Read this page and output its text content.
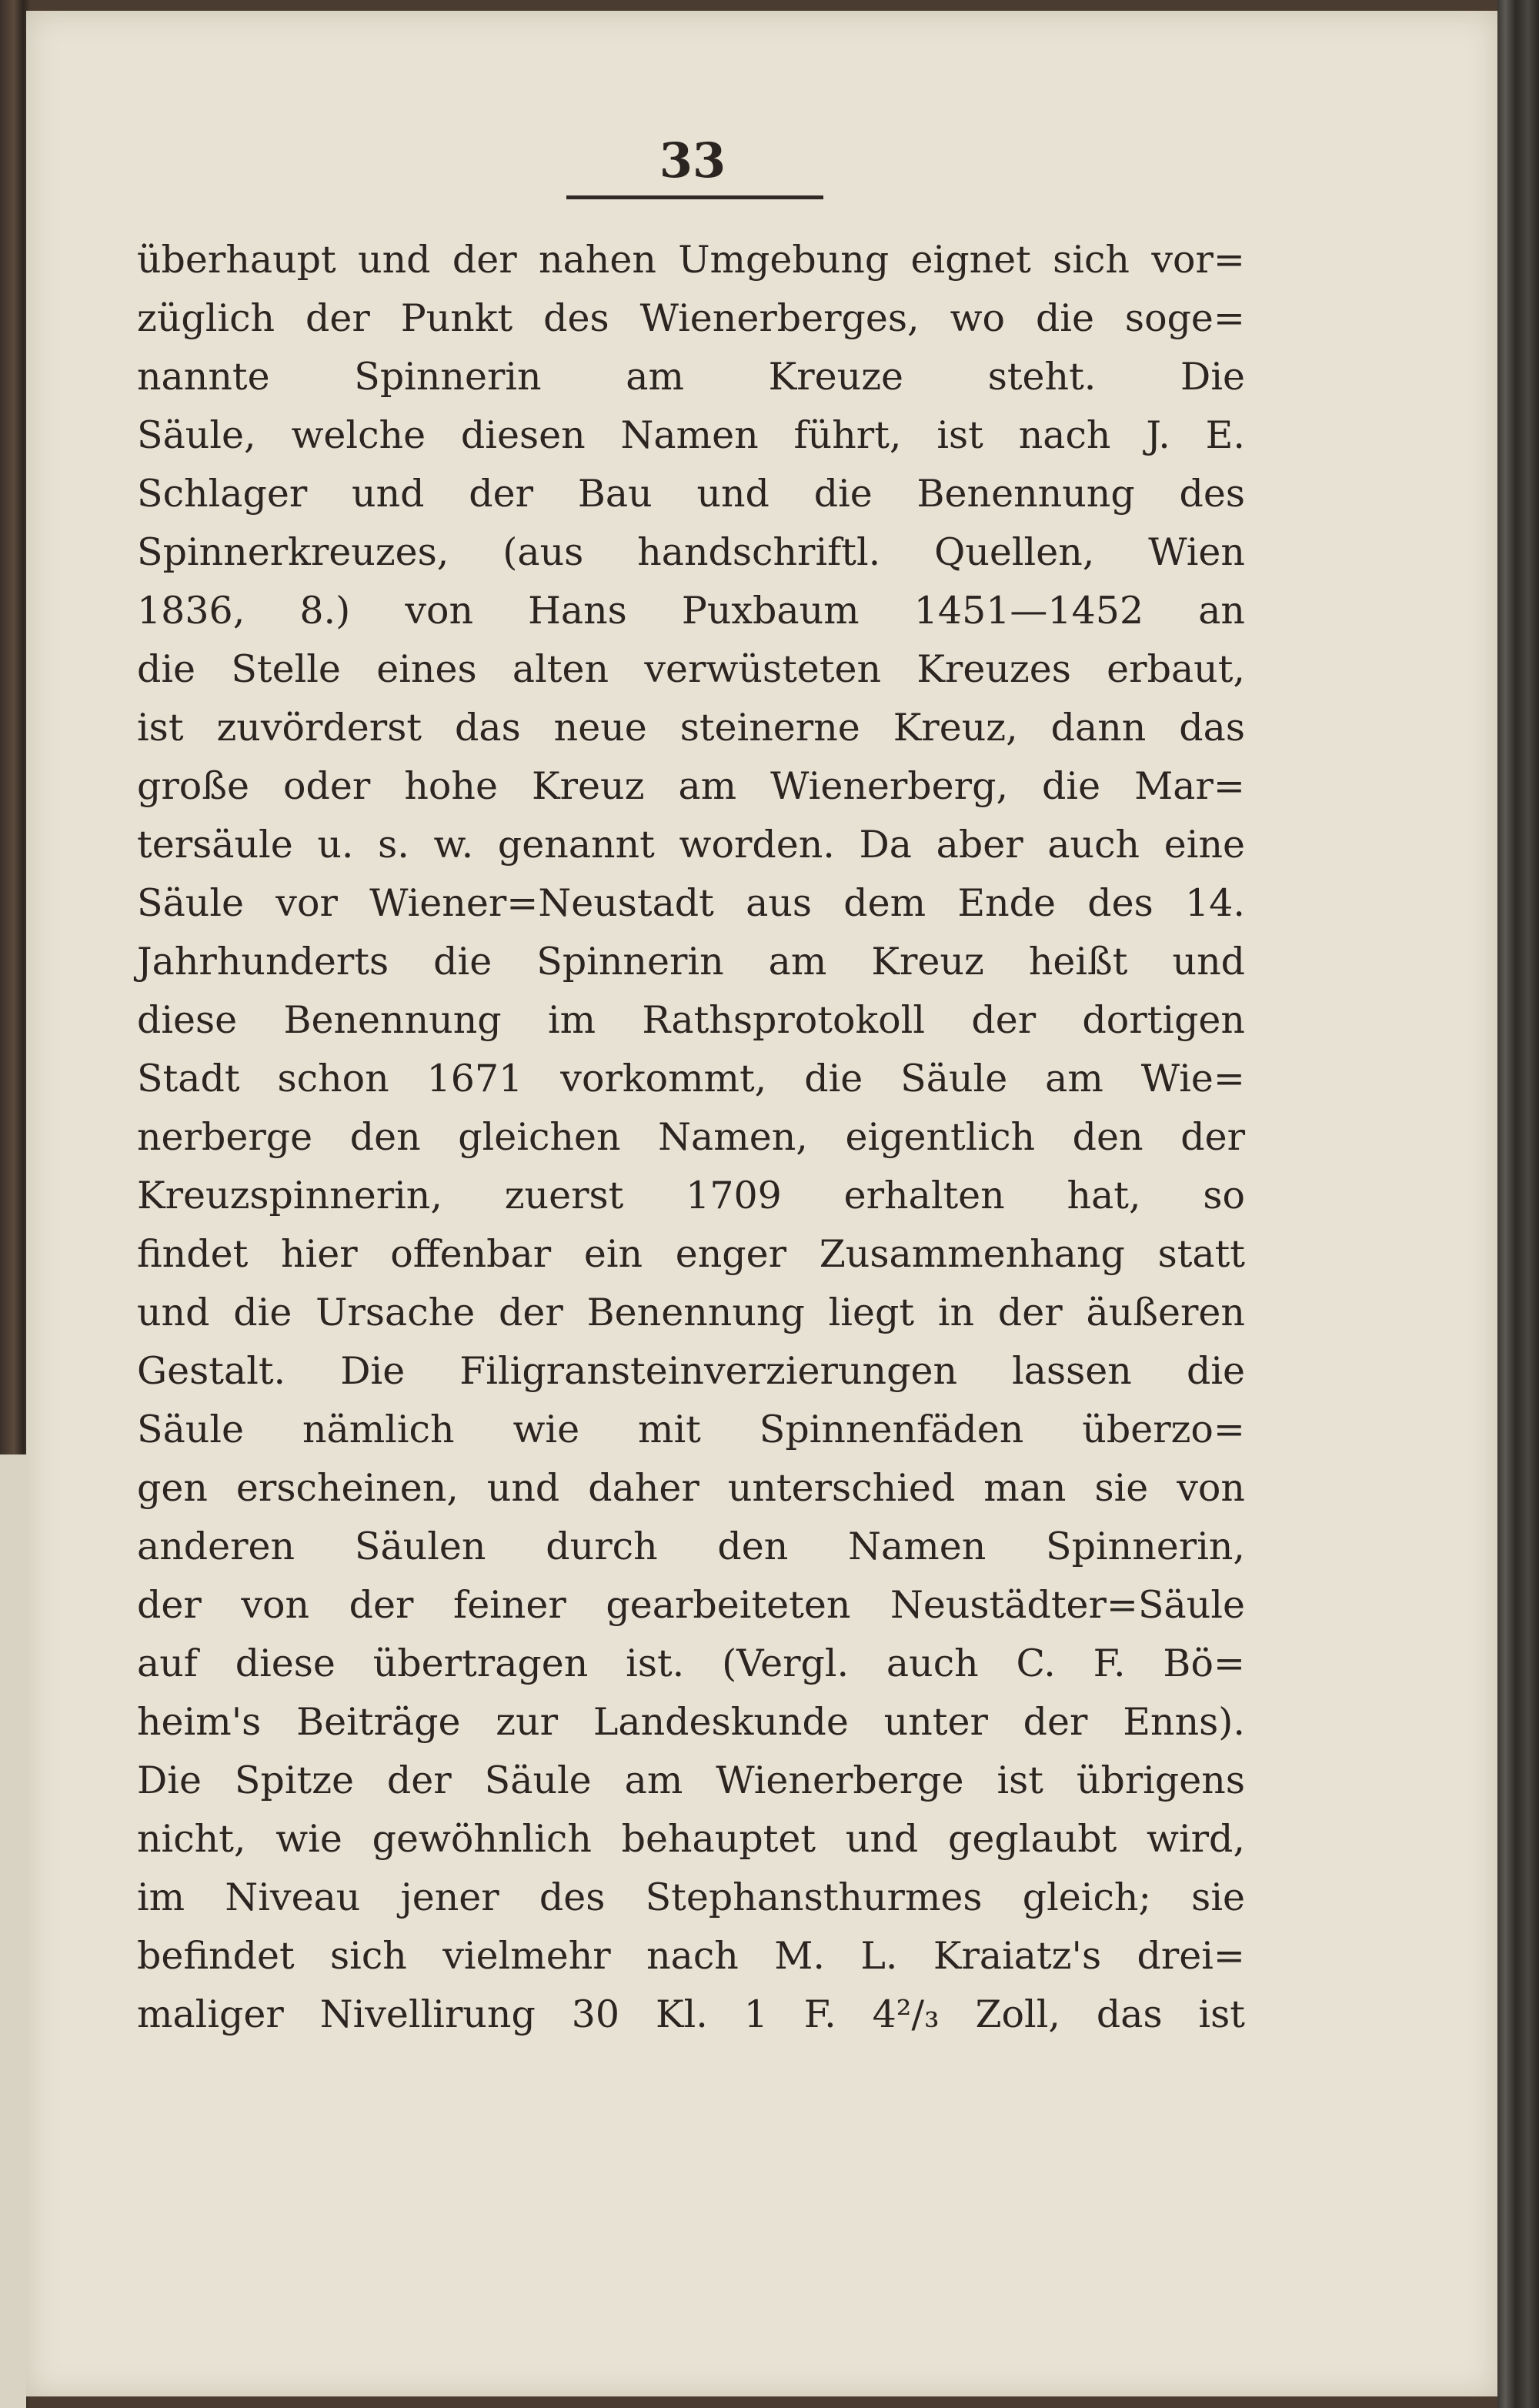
33
überhaupt und der nahen Umgebung eignet sich vor=
züglich der Punkt des Wienerberges, wo die soge=
nannte Spinnerin am Kreuze steht. Die
Säule, welche diesen Namen führt, ist nach J. E.
Schlager und der Bau und die Benennung des
Spinnerkreuzes, (aus handschriftl. Quellen, Wien
1836, 8.) von Hans Puxbaum 1451—1452 an
die Stelle eines alten verwüsteten Kreuzes erbaut,
ist zuvörderst das neue steinerne Kreuz, dann das
große oder hohe Kreuz am Wienerberg, die Mar=
tersäule u. s. w. genannt worden. Da aber auch eine
Säule vor Wiener=Neustadt aus dem Ende des 14.
Jahrhunderts die Spinnerin am Kreuz heißt und
diese Benennung im Rathsprotokoll der dortigen
Stadt schon 1671 vorkommt, die Säule am Wie=
nerberge den gleichen Namen, eigentlich den der
Kreuzspinnerin, zuerst 1709 erhalten hat, so
findet hier offenbar ein enger Zusammenhang statt
und die Ursache der Benennung liegt in der äußeren
Gestalt. Die Filigransteinverzierungen lassen die
Säule nämlich wie mit Spinnenfäden überzo=
gen erscheinen, und daher unterschied man sie von
anderen Säulen durch den Namen Spinnerin,
der von der feiner gearbeiteten Neustädter=Säule
auf diese übertragen ist. (Vergl. auch C. F. Bö=
heim's Beiträge zur Landeskunde unter der Enns).
Die Spitze der Säule am Wienerberge ist übrigens
nicht, wie gewöhnlich behauptet und geglaubt wird,
im Niveau jener des Stephansthurmes gleich; sie
befindet sich vielmehr nach M. L. Kraiatz's drei=
maliger Nivellirung 30 Kl. 1 F. 4²/₃ Zoll, das ist
